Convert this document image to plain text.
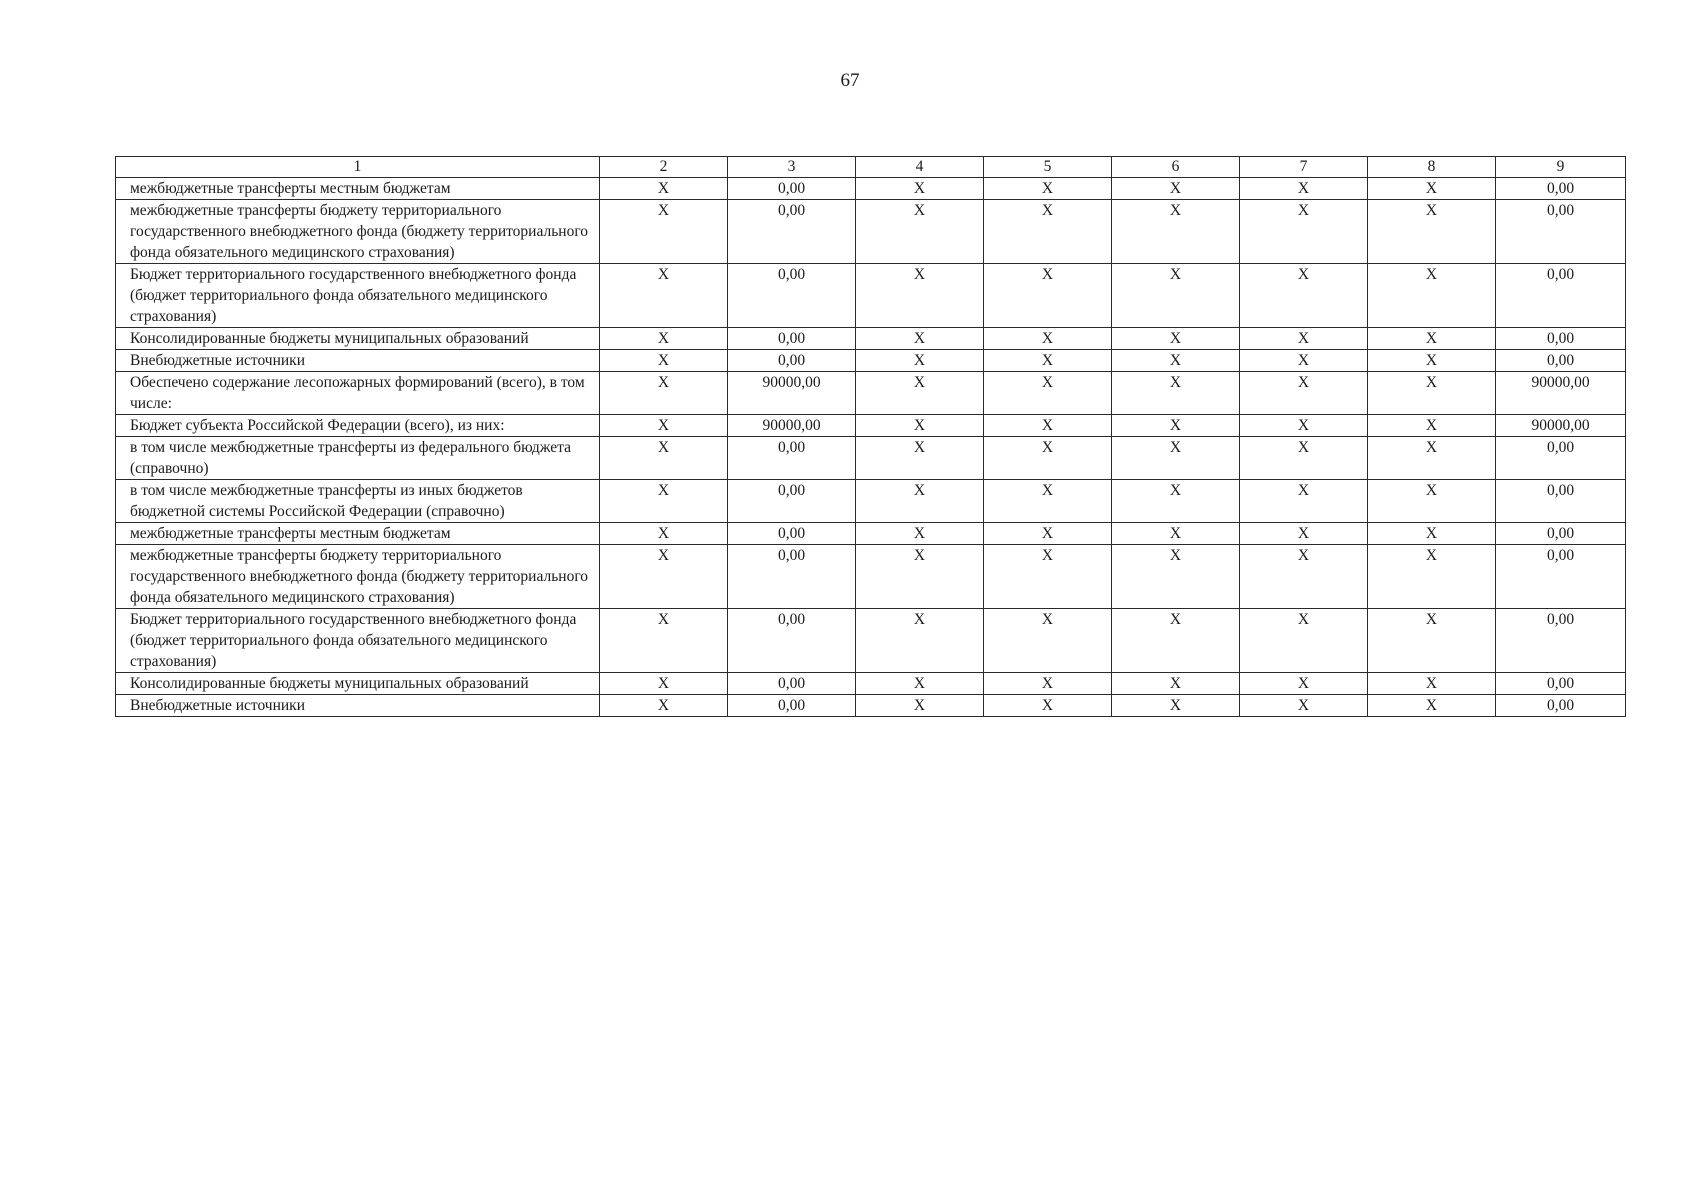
67
1	2	3	4	5	6	7	8	9
межбюджетные трансферты местным бюджетам	X	0,00	X	X	X	X	X	0,00
межбюджетные трансферты бюджету территориального государственного внебюджетного фонда (бюджету территориального фонда обязательного медицинского страхования)	X	0,00	X	X	X	X	X	0,00
Бюджет территориального государственного внебюджетного фонда (бюджет территориального фонда обязательного медицинского страхования)	X	0,00	X	X	X	X	X	0,00
Консолидированные бюджеты муниципальных образований	X	0,00	X	X	X	X	X	0,00
Внебюджетные источники	X	0,00	X	X	X	X	X	0,00
Обеспечено содержание лесопожарных формирований (всего), в том числе:	X	90000,00	X	X	X	X	X	90000,00
Бюджет субъекта Российской Федерации (всего), из них:	X	90000,00	X	X	X	X	X	90000,00
в том числе межбюджетные трансферты из федерального бюджета (справочно)	X	0,00	X	X	X	X	X	0,00
в том числе межбюджетные трансферты из иных бюджетов бюджетной системы Российской Федерации (справочно)	X	0,00	X	X	X	X	X	0,00
межбюджетные трансферты местным бюджетам	X	0,00	X	X	X	X	X	0,00
межбюджетные трансферты бюджету территориального государственного внебюджетного фонда (бюджету территориального фонда обязательного медицинского страхования)	X	0,00	X	X	X	X	X	0,00
Бюджет территориального государственного внебюджетного фонда (бюджет территориального фонда обязательного медицинского страхования)	X	0,00	X	X	X	X	X	0,00
Консолидированные бюджеты муниципальных образований	X	0,00	X	X	X	X	X	0,00
Внебюджетные источники	X	0,00	X	X	X	X	X	0,00
